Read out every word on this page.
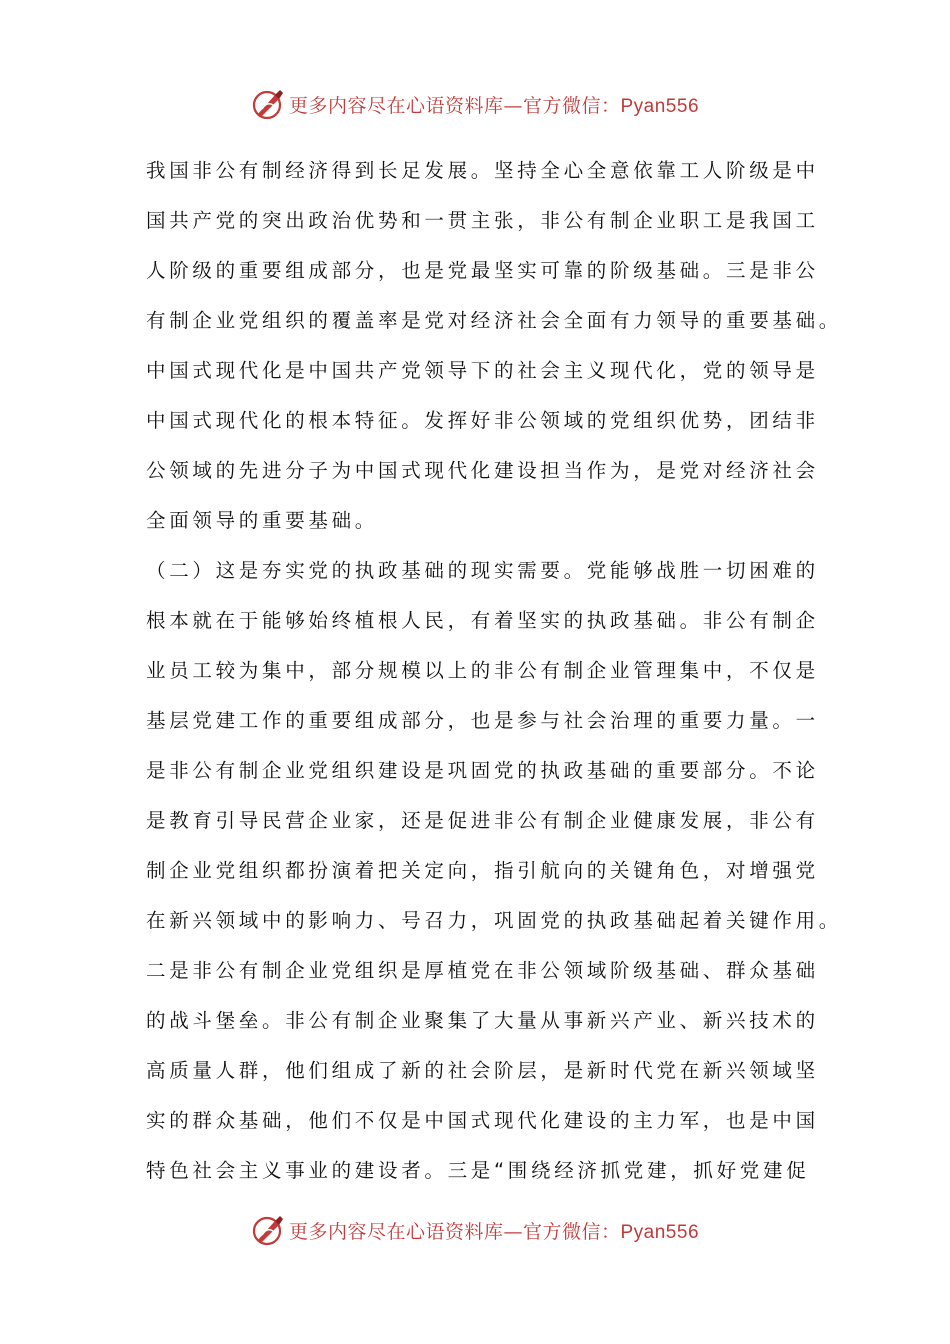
更多内容尽在心语资料库—官方微信：Pyan556
我国非公有制经济得到长足发展。坚持全心全意依靠工人阶级是中
国共产党的突出政治优势和一贯主张，非公有制企业职工是我国工
人阶级的重要组成部分，也是党最坚实可靠的阶级基础。三是非公
有制企业党组织的覆盖率是党对经济社会全面有力领导的重要基础。
中国式现代化是中国共产党领导下的社会主义现代化，党的领导是
中国式现代化的根本特征。发挥好非公领域的党组织优势，团结非
公领域的先进分子为中国式现代化建设担当作为，是党对经济社会
全面领导的重要基础。
（二）这是夯实党的执政基础的现实需要。党能够战胜一切困难的
根本就在于能够始终植根人民，有着坚实的执政基础。非公有制企
业员工较为集中，部分规模以上的非公有制企业管理集中，不仅是
基层党建工作的重要组成部分，也是参与社会治理的重要力量。一
是非公有制企业党组织建设是巩固党的执政基础的重要部分。不论
是教育引导民营企业家，还是促进非公有制企业健康发展，非公有
制企业党组织都扮演着把关定向，指引航向的关键角色，对增强党
在新兴领域中的影响力、号召力，巩固党的执政基础起着关键作用。
二是非公有制企业党组织是厚植党在非公领域阶级基础、群众基础
的战斗堡垒。非公有制企业聚集了大量从事新兴产业、新兴技术的
高质量人群，他们组成了新的社会阶层，是新时代党在新兴领域坚
实的群众基础，他们不仅是中国式现代化建设的主力军，也是中国
特色社会主义事业的建设者。三是“围绕经济抓党建，抓好党建促
更多内容尽在心语资料库—官方微信：Pyan556
